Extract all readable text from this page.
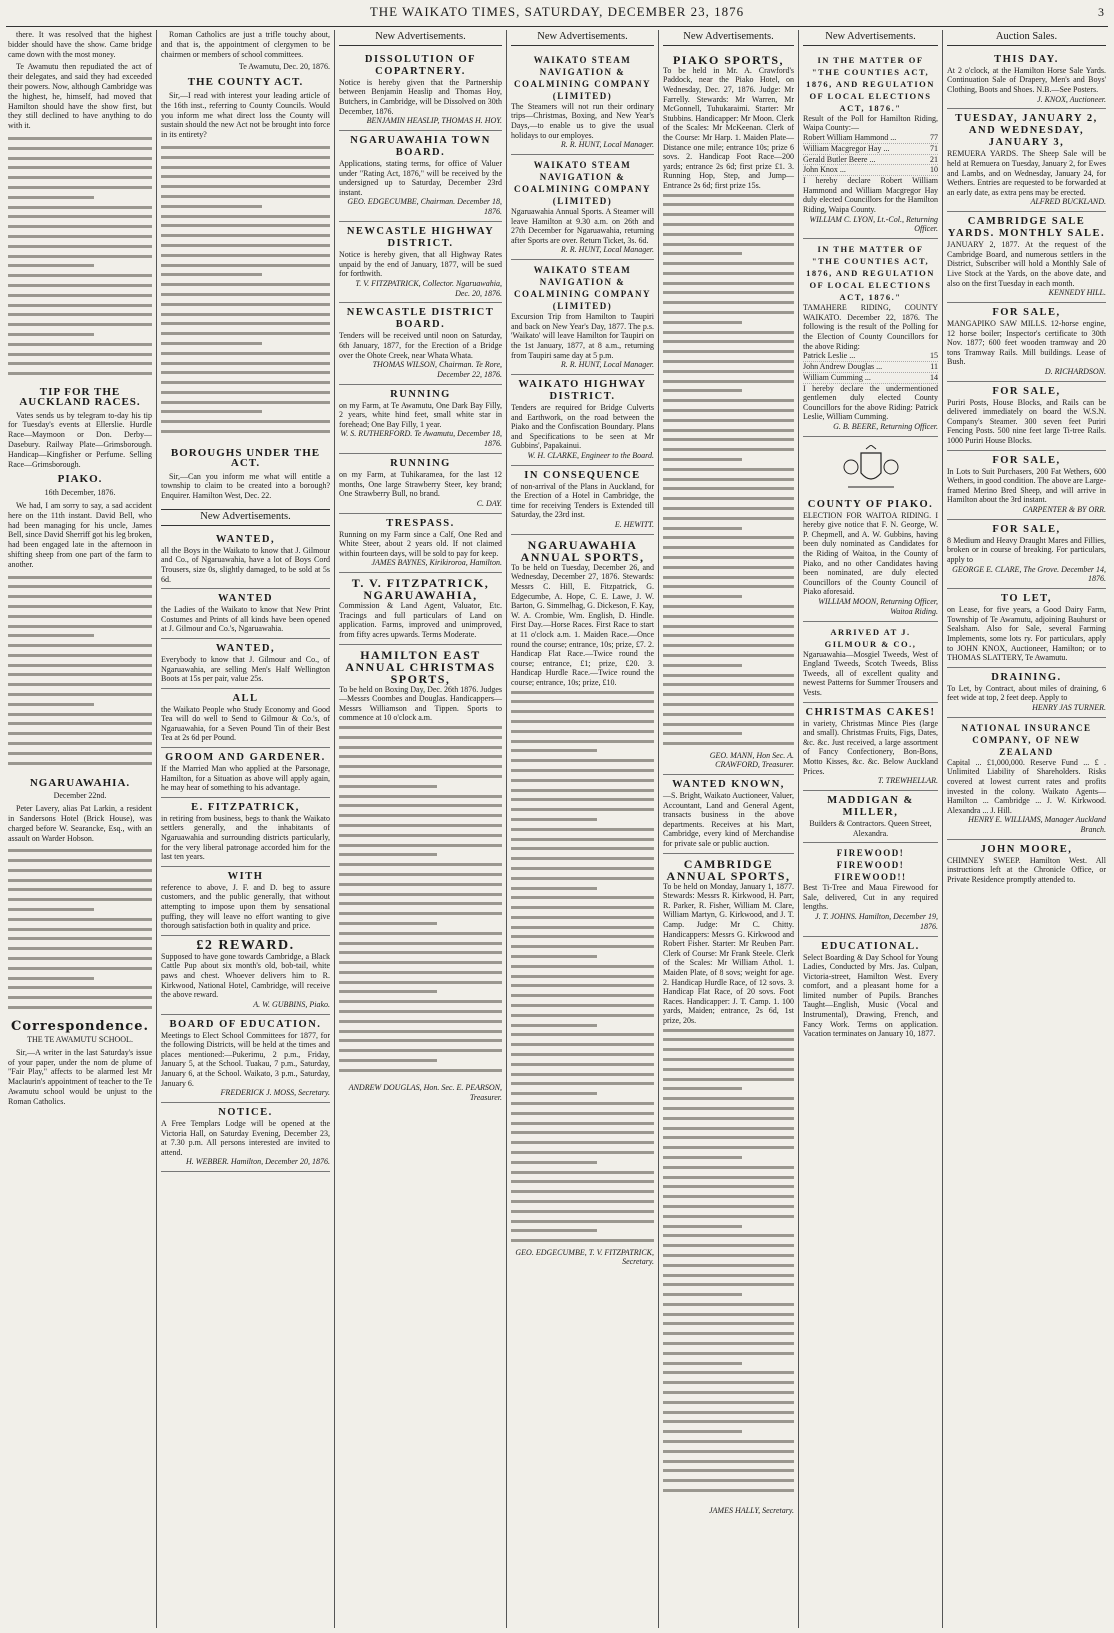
THE WAIKATO TIMES, SATURDAY, DECEMBER 23, 1876	3

there. It was resolved that the highest bidder should have the show. Came bridge came down with the most money.

Te Awamutu then repudiated the act of their delegates, and said they had exceeded their powers. Now, although Cambridge was the highest, he, himself, had moved that Hamilton should have the show first, but they still declined to have anything to do with it.

TIP FOR THE AUCKLAND RACES.

Vates sends us by telegram to-day his tip for Tuesday's events at Ellerslie. Hurdle Race—Maymoon or Don. Derby—Dasebury. Railway Plate—Grimsborough. Handicap—Kingfisher or Perfume. Selling Race—Grimsborough.

PIAKO.
16th December, 1876.

We had, I am sorry to say, a sad accident here on the 11th instant. David Bell, who had been managing for his uncle, James Bell, since David Sherriff got his leg broken, had been engaged late in the afternoon in shifting sheep from one part of the farm to another.

NGARUAWAHIA.
December 22nd.

Peter Lavery, alias Pat Larkin, a resident in Sandersons Hotel (Brick House), was charged before W. Searancke, Esq., with an assault on Warder Hobson.

Correspondence.
THE TE AWAMUTU SCHOOL.

Sir,—A writer in the last Saturday's issue of your paper, under the nom de plume of "Fair Play," affects to be alarmed lest Mr Maclaurin's appointment of teacher to the Te Awamutu school would be unjust to the Roman Catholics.

Roman Catholics are just a trifle touchy about, and that is, the appointment of clergymen to be chairmen or members of school committees.

Te Awamutu, Dec. 20, 1876.
THE COUNTY ACT.

Sir,—I read with interest your leading article of the 16th inst., referring to County Councils. Would you inform me what direct loss the County will sustain should the new Act not be brought into force in its entirety?

BOROUGHS UNDER THE ACT.

Sir,—Can you inform me what will entitle a township to claim to be created into a borough? Enquirer. Hamilton West, Dec. 22.

New Advertisements.
WANTED,
all the Boys in the Waikato to know that J. Gilmour and Co., of Ngaruawahia, have a lot of Boys Cord Trousers, size 0s, slightly damaged, to be sold at 5s 6d.
WANTED
the Ladies of the Waikato to know that New Print Costumes and Prints of all kinds have been opened at J. Gilmour and Co.'s, Ngaruawahia.
WANTED,
Everybody to know that J. Gilmour and Co., of Ngaruawahia, are selling Men's Half Wellington Boots at 15s per pair, value 25s.
ALL
the Waikato People who Study Economy and Good Tea will do well to Send to Gilmour & Co.'s, of Ngaruawahia, for a Seven Pound Tin of their Best Tea at 2s 6d per Pound.
GROOM AND GARDENER.
If the Married Man who applied at the Parsonage, Hamilton, for a Situation as above will apply again, he may hear of something to his advantage.
E. FITZPATRICK,
in retiring from business, begs to thank the Waikato settlers generally, and the inhabitants of Ngaruawahia and surrounding districts particularly, for the very liberal patronage accorded him for the last ten years.
WITH
reference to above, J. F. and D. beg to assure customers, and the public generally, that without attempting to impose upon them by sensational puffing, they will leave no effort wanting to give thorough satisfaction both in quality and price.
£2 REWARD.
Supposed to have gone towards Cambridge, a Black Cattle Pup about six month's old, bob-tail, white paws and chest. Whoever delivers him to R. Kirkwood, National Hotel, Cambridge, will receive the above reward.
A. W. GUBBINS, Piako.
BOARD OF EDUCATION.
Meetings to Elect School Committees for 1877, for the following Districts, will be held at the times and places mentioned:—Pukerimu, 2 p.m., Friday, January 5, at the School. Tuakau, 7 p.m., Saturday, January 6, at the School. Waikato, 3 p.m., Saturday, January 6.
FREDERICK J. MOSS, Secretary.
NOTICE.
A Free Templars Lodge will be opened at the Victoria Hall, on Saturday Evening, December 23, at 7.30 p.m. All persons interested are invited to attend.
H. WEBBER. Hamilton, December 20, 1876.
New Advertisements.
DISSOLUTION OF COPARTNERY.
Notice is hereby given that the Partnership between Benjamin Heaslip and Thomas Hoy, Butchers, in Cambridge, will be Dissolved on 30th December, 1876.
BENJAMIN HEASLIP, THOMAS H. HOY.
NGARUAWAHIA TOWN BOARD.
Applications, stating terms, for office of Valuer under "Rating Act, 1876," will be received by the undersigned up to Saturday, December 23rd instant.
GEO. EDGECUMBE, Chairman. December 18, 1876.
NEWCASTLE HIGHWAY DISTRICT.
Notice is hereby given, that all Highway Rates unpaid by the end of January, 1877, will be sued for forthwith.
T. V. FITZPATRICK, Collector. Ngaruawahia, Dec. 20, 1876.
NEWCASTLE DISTRICT BOARD.
Tenders will be received until noon on Saturday, 6th January, 1877, for the Erection of a Bridge over the Ohote Creek, near Whata Whata.
THOMAS WILSON, Chairman. Te Rore, December 22, 1876.
RUNNING
on my Farm, at Te Awamutu, One Dark Bay Filly, 2 years, white hind feet, small white star in forehead; One Bay Filly, 1 year.
W. S. RUTHERFORD. Te Awamutu, December 18, 1876.
RUNNING
on my Farm, at Tuhikaramea, for the last 12 months, One large Strawberry Steer, key brand; One Strawberry Bull, no brand.
C. DAY.
TRESPASS.
Running on my Farm since a Calf, One Red and White Steer, about 2 years old. If not claimed within fourteen days, will be sold to pay for keep.
JAMES BAYNES, Kirikiroroa, Hamilton.
T. V. FITZPATRICK, NGARUAWAHIA,
Commission & Land Agent, Valuator, Etc. Tracings and full particulars of Land on application. Farms, improved and unimproved, from fifty acres upwards. Terms Moderate.
HAMILTON EAST ANNUAL CHRISTMAS SPORTS,
To be held on Boxing Day, Dec. 26th 1876. Judges—Messrs Coombes and Douglas. Handicappers—Messrs Williamson and Tippen. Sports to commence at 10 o'clock a.m.
ANDREW DOUGLAS, Hon. Sec. E. PEARSON, Treasurer.
New Advertisements.
WAIKATO STEAM NAVIGATION & COALMINING COMPANY (LIMITED)
The Steamers will not run their ordinary trips—Christmas, Boxing, and New Year's Days,—to enable us to give the usual holidays to our employes.
R. R. HUNT, Local Manager.
WAIKATO STEAM NAVIGATION & COALMINING COMPANY (LIMITED)
Ngaruawahia Annual Sports. A Steamer will leave Hamilton at 9.30 a.m. on 26th and 27th December for Ngaruawahia, returning after Sports are over. Return Ticket, 3s. 6d.
R. R. HUNT, Local Manager.
WAIKATO STEAM NAVIGATION & COALMINING COMPANY (LIMITED)
Excursion Trip from Hamilton to Taupiri and back on New Year's Day, 1877. The p.s. 'Waikato' will leave Hamilton for Taupiri on the 1st January, 1877, at 8 a.m., returning from Taupiri same day at 5 p.m.
R. R. HUNT, Local Manager.
WAIKATO HIGHWAY DISTRICT.
Tenders are required for Bridge Culverts and Earthwork, on the road between the Piako and the Confiscation Boundary. Plans and Specifications to be seen at Mr Gubbins', Papakainui.
W. H. CLARKE, Engineer to the Board.
IN CONSEQUENCE
of non-arrival of the Plans in Auckland, for the Erection of a Hotel in Cambridge, the time for receiving Tenders is Extended till Saturday, the 23rd inst.
E. HEWITT.
NGARUAWAHIA ANNUAL SPORTS,
To be held on Tuesday, December 26, and Wednesday, December 27, 1876. Stewards: Messrs C. Hill, E. Fitzpatrick, G. Edgecumbe, A. Hope, C. E. Lawe, J. W. Barton, G. Simmelhag, G. Dickeson, F. Kay, W. A. Crombie, Wm. English, D. Hindle. First Day.—Horse Races. First Race to start at 11 o'clock a.m. 1. Maiden Race.—Once round the course; entrance, 10s; prize, £7. 2. Handicap Flat Race.—Twice round the course; entrance, £1; prize, £20. 3. Handicap Hurdle Race.—Twice round the course; entrance, 10s; prize, £10.
GEO. EDGECUMBE, T. V. FITZPATRICK, Secretary.
New Advertisements.
PIAKO SPORTS,
To be held in Mr. A. Crawford's Paddock, near the Piako Hotel, on Wednesday, Dec. 27, 1876. Judge: Mr Farrelly. Stewards: Mr Warren, Mr McGonnell, Tuhukaraimi. Starter: Mr Stubbins. Handicapper: Mr Moon. Clerk of the Scales: Mr McKeenan. Clerk of the Course: Mr Harp. 1. Maiden Plate—Distance one mile; entrance 10s; prize 6 sovs. 2. Handicap Foot Race—200 yards; entrance 2s 6d; first prize £1. 3. Running Hop, Step, and Jump—Entrance 2s 6d; first prize 15s.
GEO. MANN, Hon Sec. A. CRAWFORD, Treasurer.
WANTED KNOWN,
—S. Bright, Waikato Auctioneer, Valuer, Accountant, Land and General Agent, transacts business in the above departments. Receives at his Mart, Cambridge, every kind of Merchandise for private sale or public auction.
CAMBRIDGE ANNUAL SPORTS,
To be held on Monday, January 1, 1877. Stewards: Messrs R. Kirkwood, H. Parr, R. Parker, R. Fisher, William M. Clare, William Martyn, G. Kirkwood, and J. T. Camp. Judge: Mr C. Chitty. Handicappers: Messrs G. Kirkwood and Robert Fisher. Starter: Mr Reuben Parr. Clerk of Course: Mr Frank Steele. Clerk of the Scales: Mr William Athol. 1. Maiden Plate, of 8 sovs; weight for age. 2. Handicap Hurdle Race, of 12 sovs. 3. Handicap Flat Race, of 20 sovs. Foot Races. Handicapper: J. T. Camp. 1. 100 yards, Maiden; entrance, 2s 6d, 1st prize, 20s.
JAMES HALLY, Secretary.
New Advertisements.
IN THE MATTER OF "THE COUNTIES ACT, 1876, AND REGULATION OF LOCAL ELECTIONS ACT, 1876."
Result of the Poll for Hamilton Riding, Waipa County:—
Robert William Hammond ...	77
William Macgregor Hay ...	71
Gerald Butler Beere ...	21
John Knox ...	10
I hereby declare Robert William Hammond and William Macgregor Hay duly elected Councillors for the Hamilton Riding, Waipa County.
WILLIAM C. LYON, Lt.-Col., Returning Officer.
IN THE MATTER OF "THE COUNTIES ACT, 1876, AND REGULATION OF LOCAL ELECTIONS ACT, 1876."
TAMAHERE RIDING, COUNTY WAIKATO. December 22, 1876. The following is the result of the Polling for the Election of County Councillors for the above Riding:
Patrick Leslie ...	15
John Andrew Douglas ...	11
William Cumming ...	14
I hereby declare the undermentioned gentlemen duly elected County Councillors for the above Riding: Patrick Leslie, William Cumming.
G. B. BEERE, Returning Officer.
COUNTY OF PIAKO.
ELECTION FOR WAITOA RIDING. I hereby give notice that F. N. George, W. P. Chepmell, and A. W. Gubbins, having been duly nominated as Candidates for the Riding of Waitoa, in the County of Piako, and no other Candidates having been nominated, are duly elected Councillors of the County Council of Piako aforesaid.
WILLIAM MOON, Returning Officer, Waitoa Riding.
ARRIVED AT J. GILMOUR & CO.,
Ngaruawahia—Mosgiel Tweeds, West of England Tweeds, Scotch Tweeds, Bliss Tweeds, all of excellent quality and newest Patterns for Summer Trousers and Vests.
CHRISTMAS CAKES!
in variety, Christmas Mince Pies (large and small). Christmas Fruits, Figs, Dates, &c. &c. Just received, a large assortment of Fancy Confectionery, Bon-Bons, Motto Kisses, &c. &c. Below Auckland Prices.
T. TREWHELLAR.
MADDIGAN & MILLER,
Builders & Contractors. Queen Street, Alexandra.
FIREWOOD! FIREWOOD! FIREWOOD!!
Best Ti-Tree and Maua Firewood for Sale, delivered, Cut in any required lengths.
J. T. JOHNS. Hamilton, December 19, 1876.
EDUCATIONAL.
Select Boarding & Day School for Young Ladies, Conducted by Mrs. Jas. Culpan, Victoria-street, Hamilton West. Every comfort, and a pleasant home for a limited number of Pupils. Branches Taught—English, Music (Vocal and Instrumental), Drawing, French, and Fancy Work. Terms on application. Vacation terminates on January 10, 1877.
Auction Sales.
THIS DAY.
At 2 o'clock, at the Hamilton Horse Sale Yards. Continuation Sale of Drapery, Men's and Boys' Clothing, Boots and Shoes. N.B.—See Posters.
J. KNOX, Auctioneer.
TUESDAY, JANUARY 2, AND WEDNESDAY, JANUARY 3,
REMUERA YARDS. The Sheep Sale will be held at Remuera on Tuesday, January 2, for Ewes and Lambs, and on Wednesday, January 24, for Wethers. Entries are requested to be forwarded at an early date, as extra pens may be erected.
ALFRED BUCKLAND.
CAMBRIDGE SALE YARDS. MONTHLY SALE.
JANUARY 2, 1877. At the request of the Cambridge Board, and numerous settlers in the District, Subscriber will hold a Monthly Sale of Live Stock at the Yards, on the above date, and also on the first Tuesday in each month.
KENNEDY HILL.
FOR SALE,
MANGAPIKO SAW MILLS. 12-horse engine, 12 horse boiler; Inspector's certificate to 30th Nov. 1877; 600 feet wooden tramway and 20 tons Tramway Rails. Mill buildings. Lease of Bush.
D. RICHARDSON.
FOR SALE,
Puriri Posts, House Blocks, and Rails can be delivered immediately on board the W.S.N. Company's Steamer. 300 seven feet Puriri Fencing Posts. 500 nine feet large Ti-tree Rails. 1000 Puriri House Blocks.
FOR SALE,
In Lots to Suit Purchasers, 200 Fat Wethers, 600 Wethers, in good condition. The above are Large-framed Merino Bred Sheep, and will arrive in Hamilton about the 3rd instant.
CARPENTER & BY ORR.
FOR SALE,
8 Medium and Heavy Draught Mares and Fillies, broken or in course of breaking. For particulars, apply to
GEORGE E. CLARE, The Grove. December 14, 1876.
TO LET,
on Lease, for five years, a Good Dairy Farm, Township of Te Awamutu, adjoining Bauhurst or Sealsham. Also for Sale, several Farming Implements, some lots ry. For particulars, apply to JOHN KNOX, Auctioneer, Hamilton; or to THOMAS SLATTERY, Te Awamutu.
DRAINING.
To Let, by Contract, about miles of draining, 6 feet wide at top, 2 feet deep. Apply to
HENRY JAS TURNER.
NATIONAL INSURANCE COMPANY, OF NEW ZEALAND
Capital ... £1,000,000. Reserve Fund ... £ . Unlimited Liability of Shareholders. Risks covered at lowest current rates and profits invested in the colony. Waikato Agents—Hamilton ... Cambridge ... J. W. Kirkwood. Alexandra ... J. Hill.
HENRY E. WILLIAMS, Manager Auckland Branch.
JOHN MOORE,
CHIMNEY SWEEP. Hamilton West. All instructions left at the Chronicle Office, or Private Residence promptly attended to.
